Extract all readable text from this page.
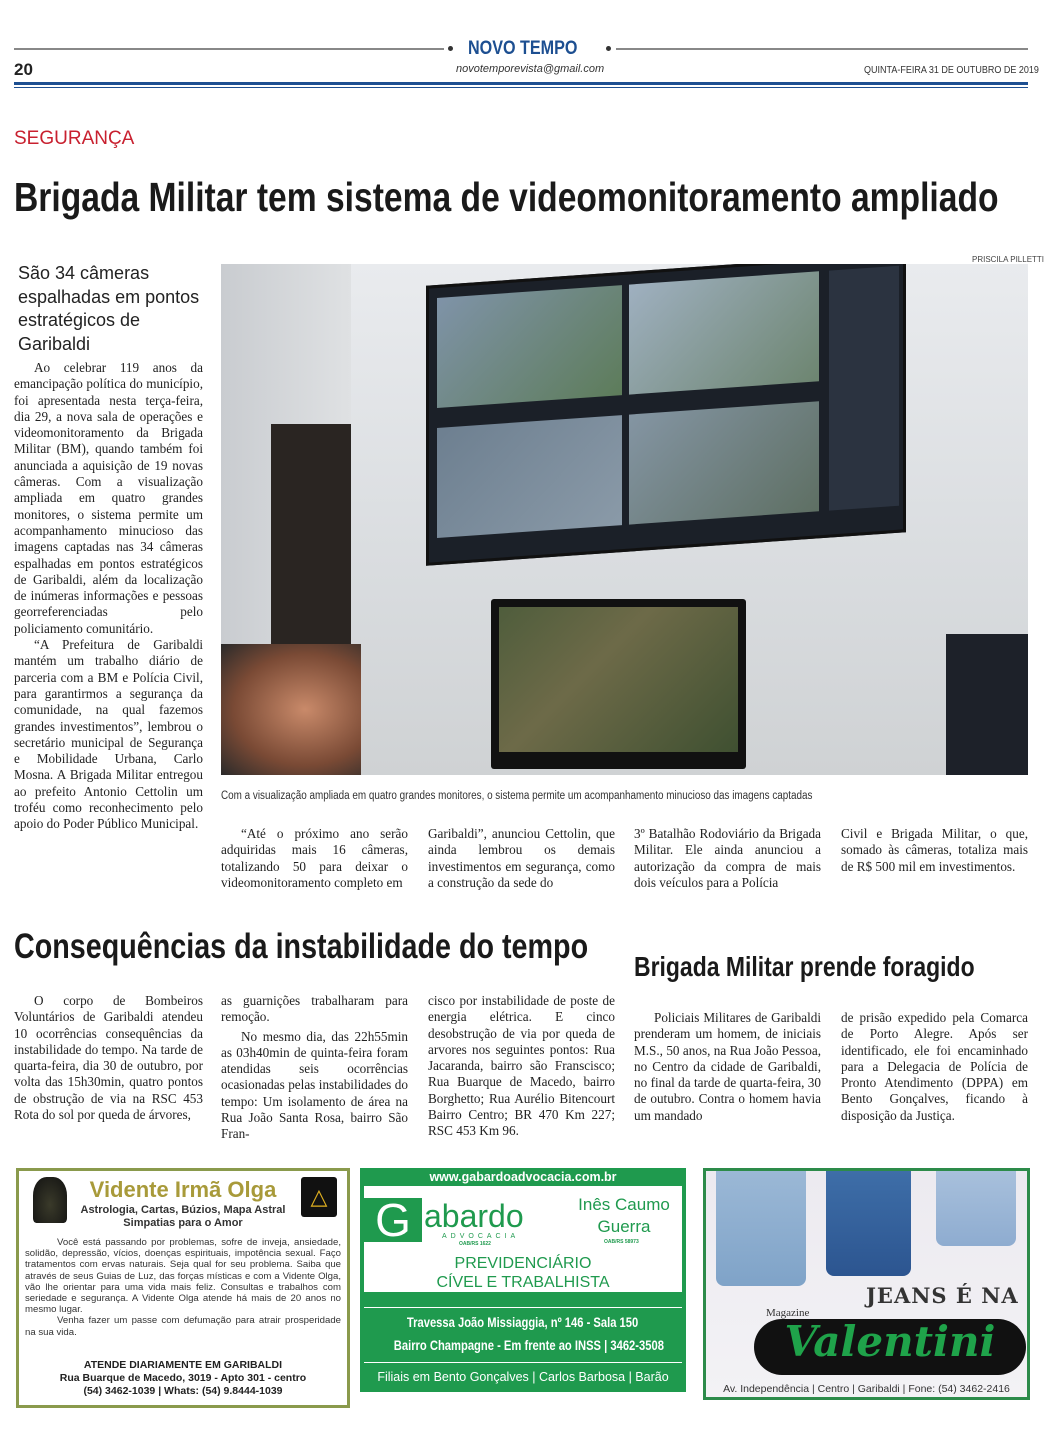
NOVO TEMPO
20	novotemporevista@gmail.com	QUINTA-FEIRA 31 DE OUTUBRO DE 2019
SEGURANÇA
Brigada Militar tem sistema de videomonitoramento ampliado
PRISCILA PILLETTI
São 34 câmeras espalhadas em pontos estratégicos de Garibaldi
Com a visualização ampliada em quatro grandes monitores, o sistema permite um acompanhamento minucioso das imagens captadas

Ao celebrar 119 anos da emancipação política do município, foi apresentada nesta terça-feira, dia 29, a nova sala de operações e videomonitoramento da Brigada Militar (BM), quando também foi anunciada a aquisição de 19 novas câmeras. Com a visualização ampliada em quatro grandes monitores, o sistema permite um acompanhamento minucioso das imagens captadas nas 34 câmeras espalhadas em pontos estratégicos de Garibaldi, além da localização de inúmeras informações e pessoas georreferenciadas pelo policiamento comunitário.

“A Prefeitura de Garibaldi mantém um trabalho diário de parceria com a BM e Polícia Civil, para garantirmos a segurança da comunidade, na qual fazemos grandes investimentos”, lembrou o secretário municipal de Segurança e Mobilidade Urbana, Carlo Mosna. A Brigada Militar entregou ao prefeito Antonio Cettolin um troféu como reconhecimento pelo apoio do Poder Público Municipal.

“Até o próximo ano serão adquiridas mais 16 câmeras, totalizando 50 para deixar o videomonitoramento completo em

Garibaldi”, anunciou Cettolin, que ainda lembrou os demais investimentos em segurança, como a construção da sede do

3º Batalhão Rodoviário da Brigada Militar. Ele ainda anunciou a autorização da compra de mais dois veículos para a Polícia

Civil e Brigada Militar, o que, somado às câmeras, totaliza mais de R$ 500 mil em investimentos.

Consequências da instabilidade do tempo

O corpo de Bombeiros Voluntários de Garibaldi atendeu 10 ocorrências consequências da instabilidade do tempo. Na tarde de quarta-feira, dia 30 de outubro, por volta das 15h30min, quatro pontos de obstrução de via na RSC 453 Rota do sol por queda de árvores,

as guarnições trabalharam para remoção.

No mesmo dia, das 22h55min as 03h40min de quinta-feira foram atendidas seis ocorrências ocasionadas pelas instabilidades do tempo: Um isolamento de área na Rua João Santa Rosa, bairro São Fran-

cisco por instabilidade de poste de energia elétrica. E cinco desobstrução de via por queda de arvores nos seguintes pontos: Rua Jacaranda, bairro são Franscisco; Rua Buarque de Macedo, bairro Borghetto; Rua Aurélio Bitencourt Bairro Centro; BR 470 Km 227; RSC 453 Km 96.

Brigada Militar prende foragido

Policiais Militares de Garibaldi prenderam um homem, de iniciais M.S., 50 anos, na Rua João Pessoa, no Centro da cidade de Garibaldi, no final da tarde de quarta-feira, 30 de outubro. Contra o homem havia um mandado

de prisão expedido pela Comarca de Porto Alegre. Após ser identificado, ele foi encaminhado para a Delegacia de Polícia de Pronto Atendimento (DPPA) em Bento Gonçalves, ficando à disposição da Justiça.

△
Vidente Irmã Olga
Astrologia, Cartas, Búzios, Mapa Astral
Simpatias para o Amor

Você está passando por problemas, sofre de inveja, ansiedade, solidão, depressão, vícios, doenças espirituais, impotência sexual. Faço tratamentos com ervas naturais. Seja qual for seu problema. Saiba que através de seus Guias de Luz, das forças místicas e com a Vidente Olga, vão lhe orientar para uma vida mais feliz. Consultas e trabalhos com seriedade e segurança. A Vidente Olga atende há mais de 20 anos no mesmo lugar.

Venha fazer um passe com defumação para atrair prosperidade na sua vida.

ATENDE DIARIAMENTE EM GARIBALDI
Rua Buarque de Macedo, 3019 - Apto 301 - centro
(54) 3462-1039 | Whats: (54) 9.8444-1039
www.gabardoadvocacia.com.br
G abardo
ADVOCACIA
OAB/RS 1622
Inês Caumo Guerra
OAB/RS 58973
PREVIDENCIÁRIO
CÍVEL E TRABALHISTA
Travessa João Missiaggia, nº 146 - Sala 150
Bairro Champagne - Em frente ao INSS | 3462-3508
Filiais em Bento Gonçalves | Carlos Barbosa | Barão
JEANS É NA
Magazine
Valentini
Av. Independência | Centro | Garibaldi | Fone: (54) 3462-2416
